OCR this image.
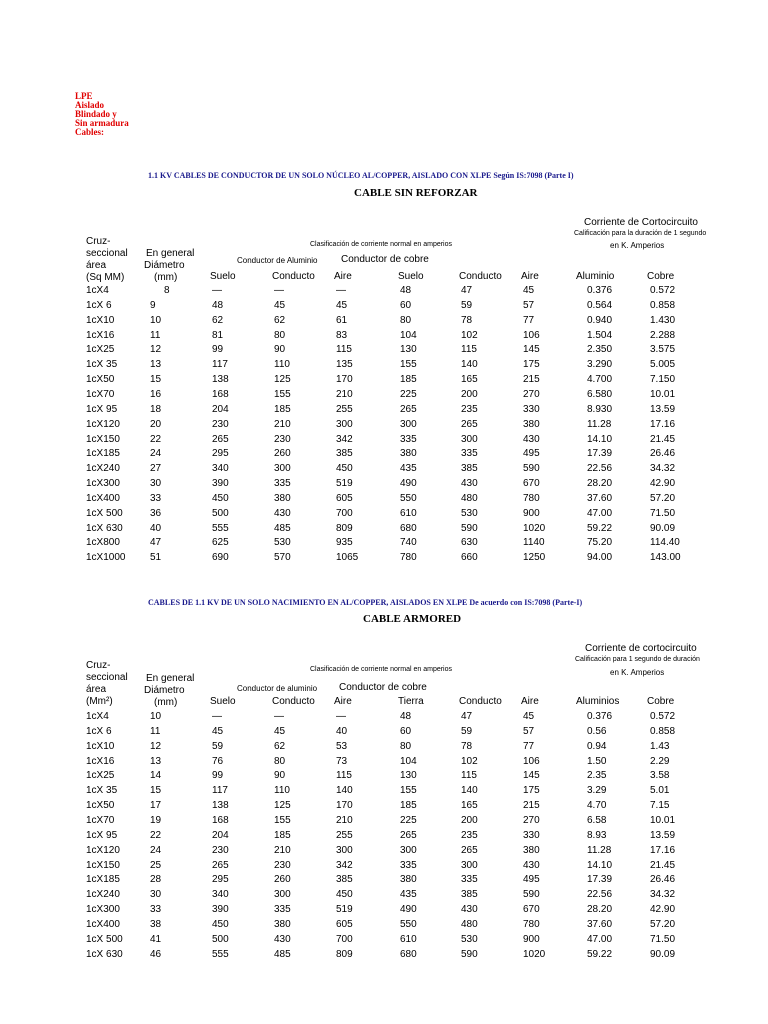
LPE
Aislado
Blindado y
Sin armadura
Cables:
1.1 KV CABLES DE CONDUCTOR DE UN SOLO NÚCLEO AL/COPPER, AISLADO CON XLPE Según IS:7098 (Parte I)
CABLE SIN REFORZAR
Corriente de Cortocircuito
Calificación para la duración de 1 segundo
en K. Amperios
Clasificación de corriente normal en amperios
Cruz-
seccional
área
(Sq MM)
En general
Diámetro
(mm)
Conductor de Aluminio Conductor de cobre
Suelo	Conducto Aire	Suelo	Conducto Aire	Aluminio	Cobre
1cX4	8	—	—	—	48	47	45	0.376	0.572
1cX 6	9	48	45	45	60	59	57	0.564	0.858
1cX10	10	62	62	61	80	78	77	0.940	1.430
1cX16	11	81	80	83	104	102	106	1.504	2.288
1cX25	12	99	90	115	130	115	145	2.350	3.575
1cX 35	13	117	110	135	155	140	175	3.290	5.005
1cX50	15	138	125	170	185	165	215	4.700	7.150
1cX70	16	168	155	210	225	200	270	6.580	10.01
1cX 95	18	204	185	255	265	235	330	8.930	13.59
1cX120	20	230	210	300	300	265	380	11.28	17.16
1cX150	22	265	230	342	335	300	430	14.10	21.45
1cX185	24	295	260	385	380	335	495	17.39	26.46
1cX240	27	340	300	450	435	385	590	22.56	34.32
1cX300	30	390	335	519	490	430	670	28.20	42.90
1cX400	33	450	380	605	550	480	780	37.60	57.20
1cX 500	36	500	430	700	610	530	900	47.00	71.50
1cX 630	40	555	485	809	680	590	1020	59.22	90.09
1cX800	47	625	530	935	740	630	1140	75.20	114.40
1cX1000 51	690	570	1065	780	660	1250	94.00	143.00
CABLES DE 1.1 KV DE UN SOLO NACIMIENTO EN AL/COPPER, AISLADOS EN XLPE De acuerdo con IS:7098 (Parte-I)
CABLE ARMORED
Corriente de cortocircuito
Calificación para 1 segundo de duración
en K. Amperios
Clasificación de corriente normal en amperios
Cruz-
seccional
área
(Mm²)
En general
Diámetro
(mm)
Conductor de aluminio Conductor de cobre
Suelo	Conducto Aire	Tierra	Conducto Aire	Aluminios	Cobre
1cX4	10	—	—	—	48	47	45	0.376	0.572
1cX 6	11	45	45	40	60	59	57	0.56	0.858
1cX10	12	59	62	53	80	78	77	0.94	1.43
1cX16	13	76	80	73	104	102	106	1.50	2.29
1cX25	14	99	90	115	130	115	145	2.35	3.58
1cX 35	15	117	110	140	155	140	175	3.29	5.01
1cX50	17	138	125	170	185	165	215	4.70	7.15
1cX70	19	168	155	210	225	200	270	6.58	10.01
1cX 95	22	204	185	255	265	235	330	8.93	13.59
1cX120	24	230	210	300	300	265	380	11.28	17.16
1cX150	25	265	230	342	335	300	430	14.10	21.45
1cX185	28	295	260	385	380	335	495	17.39	26.46
1cX240	30	340	300	450	435	385	590	22.56	34.32
1cX300	33	390	335	519	490	430	670	28.20	42.90
1cX400	38	450	380	605	550	480	780	37.60	57.20
1cX 500	41	500	430	700	610	530	900	47.00	71.50
1cX 630	46	555	485	809	680	590	1020	59.22	90.09
